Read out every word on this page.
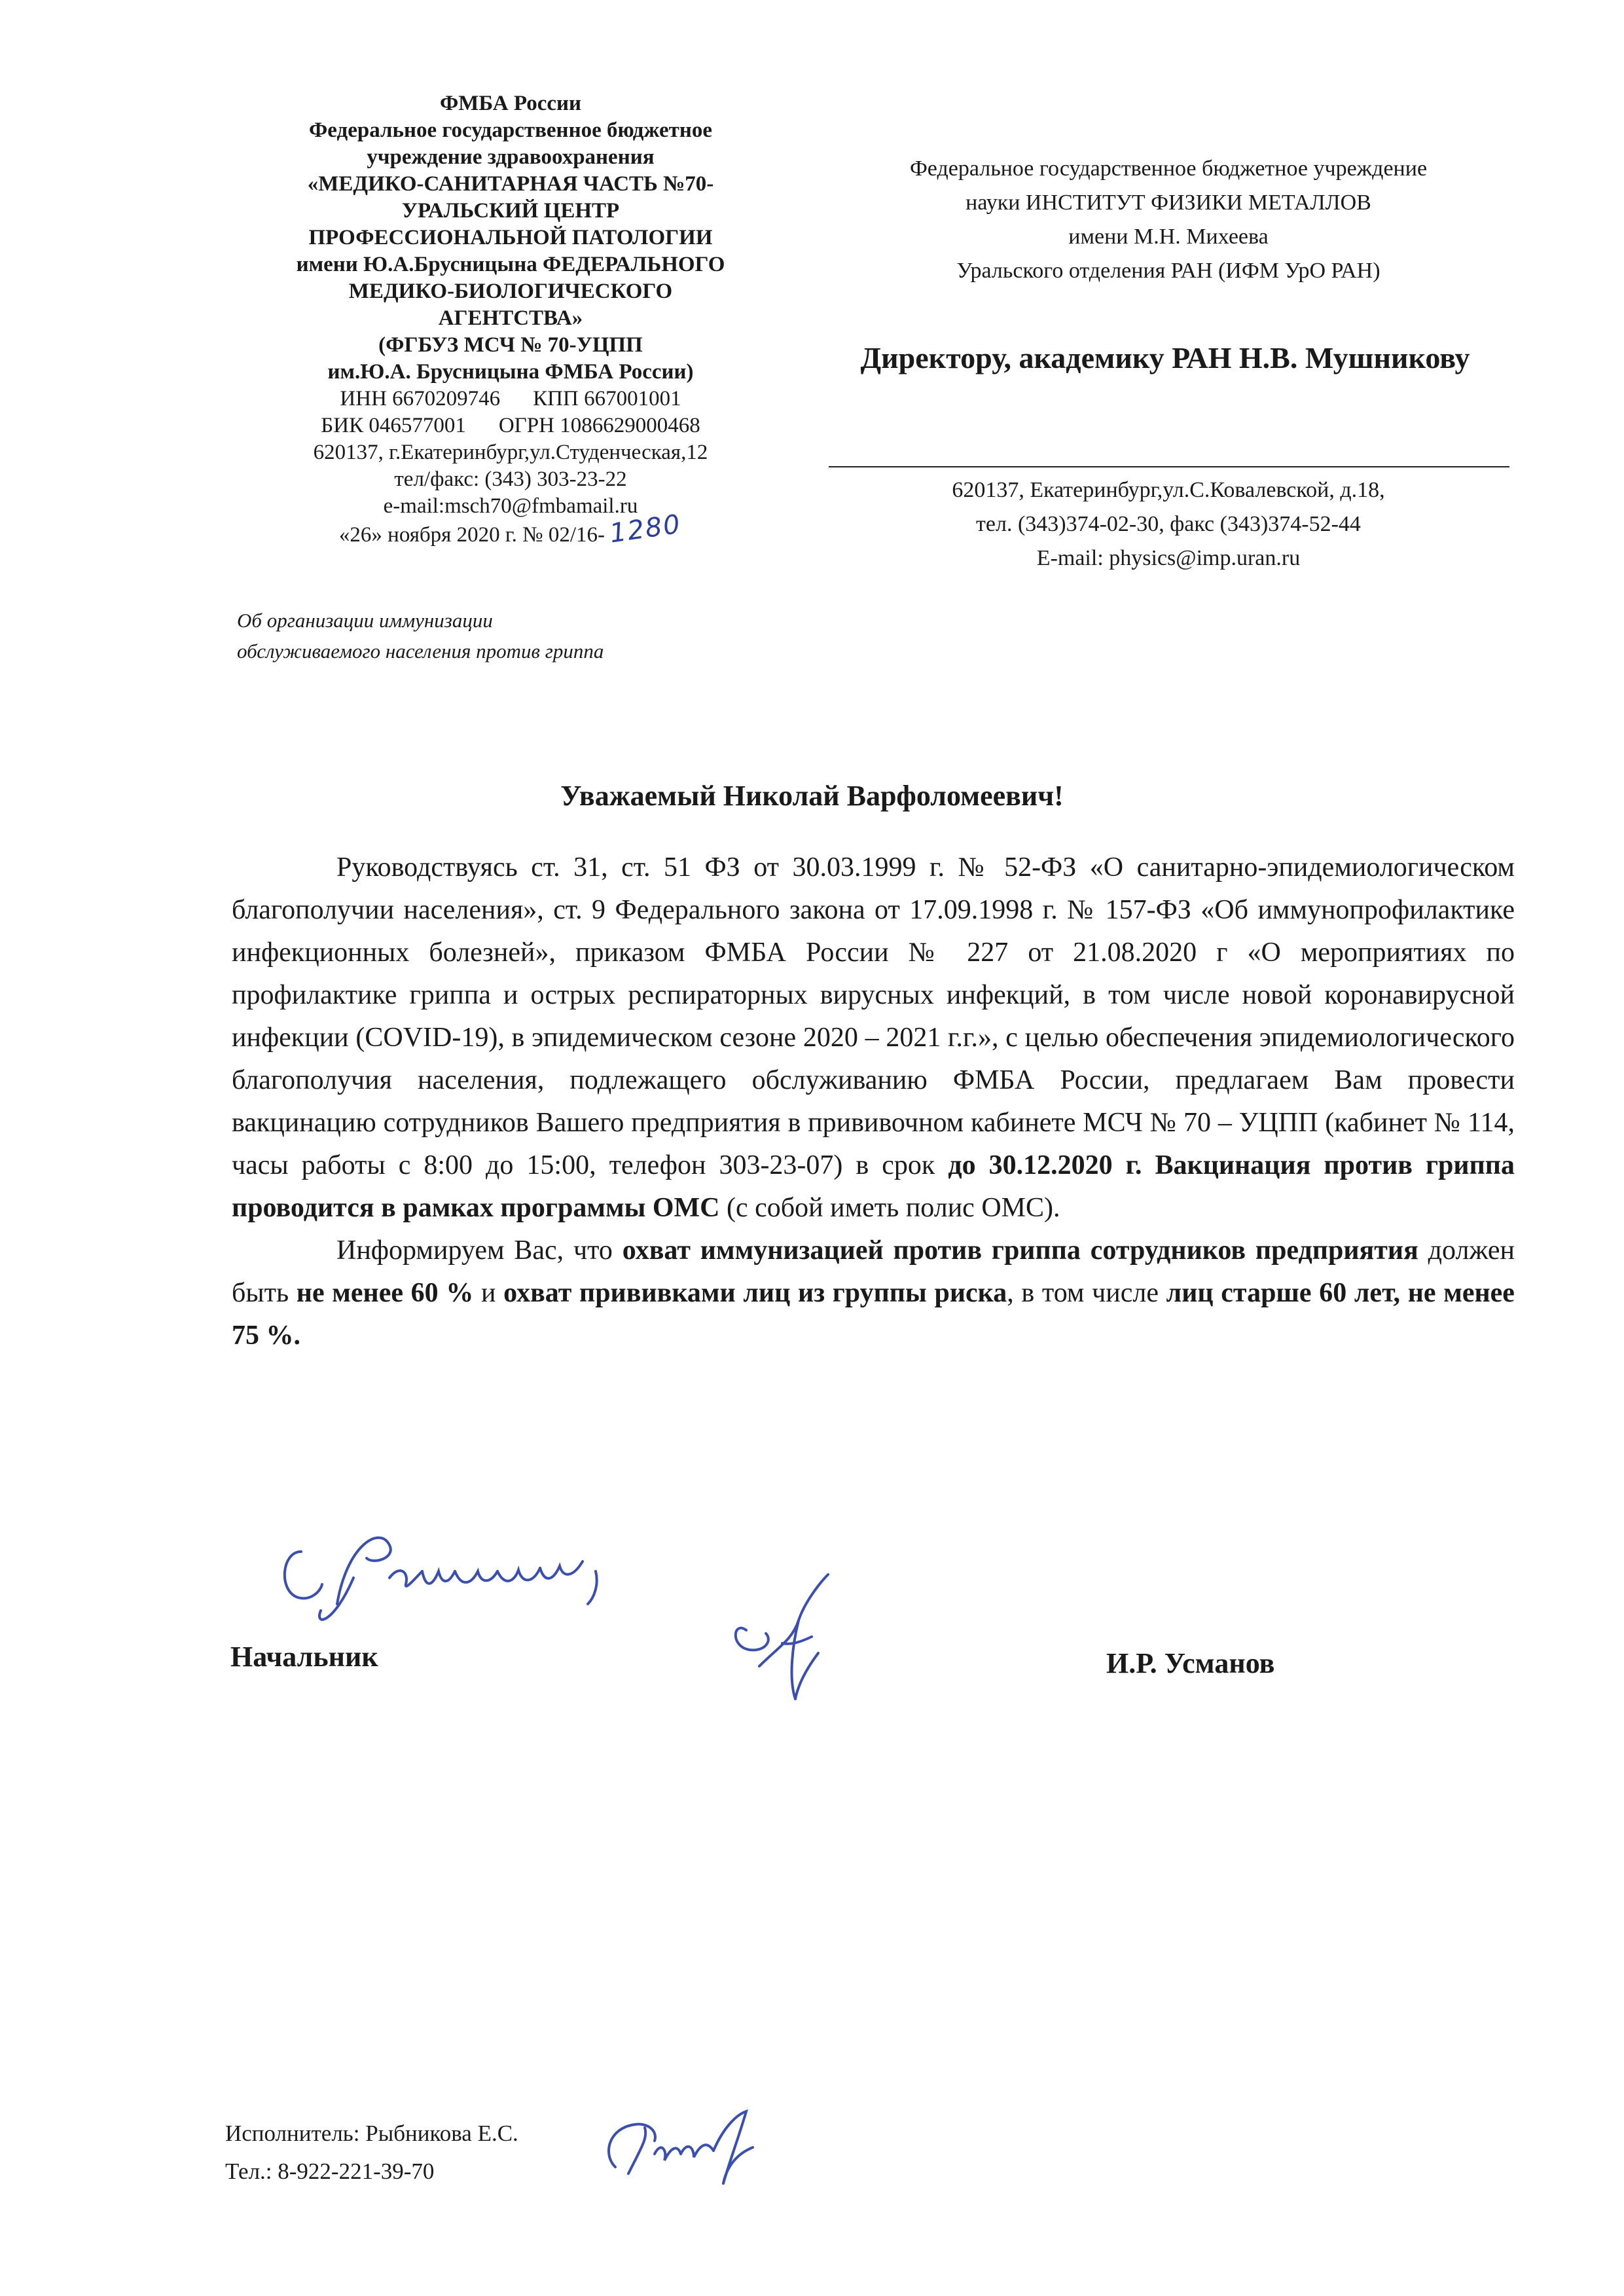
ФМБА России
Федеральное государственное бюджетное
учреждение здравоохранения
«МЕДИКО-САНИТАРНАЯ ЧАСТЬ №70-
УРАЛЬСКИЙ ЦЕНТР
ПРОФЕССИОНАЛЬНОЙ ПАТОЛОГИИ
имени Ю.А.Брусницына ФЕДЕРАЛЬНОГО
МЕДИКО-БИОЛОГИЧЕСКОГО
АГЕНТСТВА»
(ФГБУЗ МСЧ № 70-УЦПП
им.Ю.А. Брусницына ФМБА России)
ИНН 6670209746 КПП 667001001
БИК 046577001 ОГРН 1086629000468
620137, г.Екатеринбург,ул.Студенческая,12
тел/факс: (343) 303-23-22
e-mail:msch70@fmbamail.ru
«26» ноября 2020 г. № 02/16- 1280
Об организации иммунизации
обслуживаемого населения против гриппа
Федеральное государственное бюджетное учреждение
науки ИНСТИТУТ ФИЗИКИ МЕТАЛЛОВ
имени М.Н. Михеева
Уральского отделения РАН (ИФМ УрО РАН)
Директору, академику РАН Н.В. Мушникову
620137, Екатеринбург,ул.С.Ковалевской, д.18,
тел. (343)374-02-30, факс (343)374-52-44
E-mail: physics@imp.uran.ru
Уважаемый Николай Варфоломеевич!

Руководствуясь ст. 31, ст. 51 ФЗ от 30.03.1999 г. № 52-ФЗ «О санитарно-эпидемиологическом благополучии населения», ст. 9 Федерального закона от 17.09.1998 г. № 157-ФЗ «Об иммунопрофилактике инфекционных болезней», приказом ФМБА России № 227 от 21.08.2020 г «О мероприятиях по профилактике гриппа и острых респираторных вирусных инфекций, в том числе новой коронавирусной инфекции (COVID-19), в эпидемическом сезоне 2020 – 2021 г.г.», с целью обеспечения эпидемиологического благополучия населения, подлежащего обслуживанию ФМБА России, предлагаем Вам провести вакцинацию сотрудников Вашего предприятия в прививочном кабинете МСЧ № 70 – УЦПП (кабинет № 114, часы работы с 8:00 до 15:00, телефон 303-23-07) в срок до 30.12.2020 г. Вакцинация против гриппа проводится в рамках программы ОМС (с собой иметь полис ОМС).

Информируем Вас, что охват иммунизацией против гриппа сотрудников предприятия должен быть не менее 60 % и охват прививками лиц из группы риска, в том числе лиц старше 60 лет, не менее 75 %.

Начальник	И.Р. Усманов
Исполнитель: Рыбникова Е.С.
Тел.: 8-922-221-39-70
